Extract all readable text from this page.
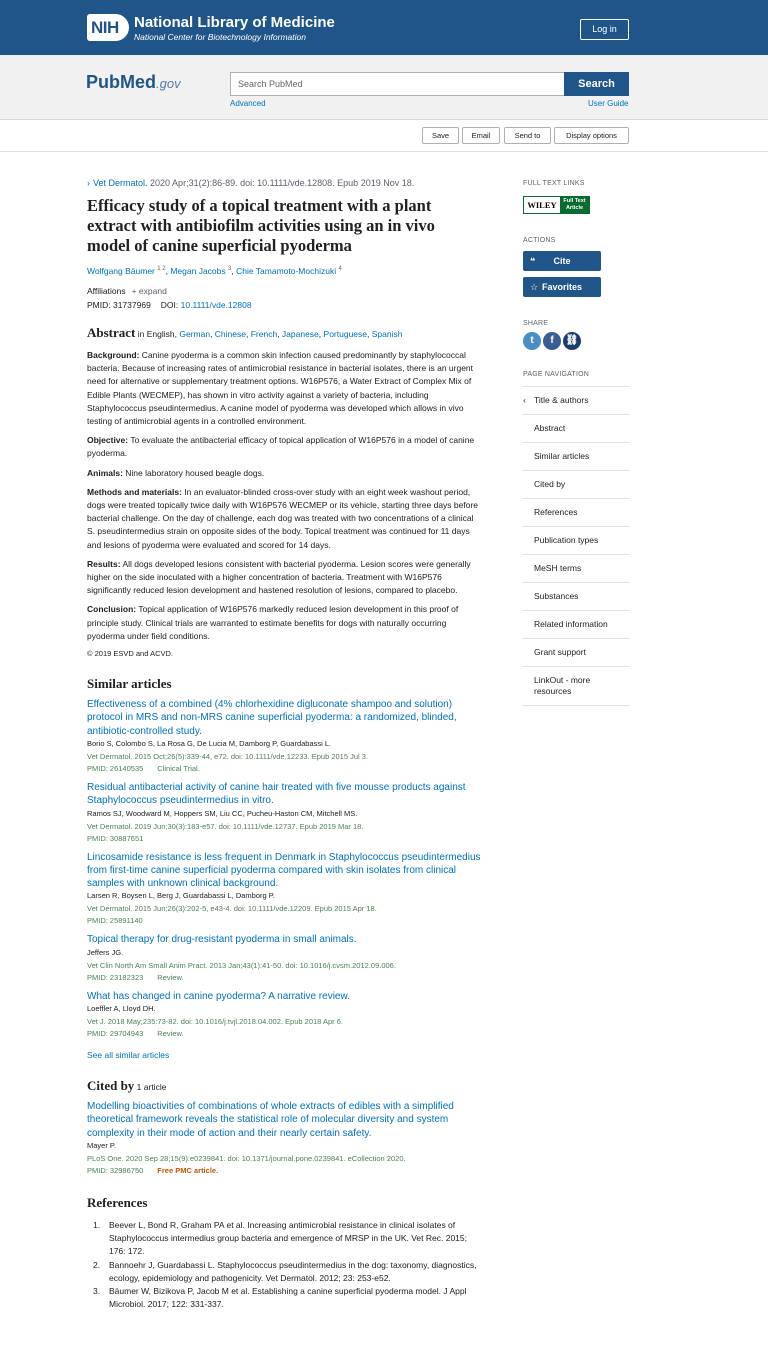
NIH	National Library of Medicine
National Center for Biotechnology Information
Log in
PubMed.gov	Search PubMed	Search
Advanced	User Guide
Save	Email	Send to	Display options
› Vet Dermatol. 2020 Apr;31(2):86-89. doi: 10.1111/vde.12808. Epub 2019 Nov 18.
Efficacy study of a topical treatment with a plant extract with antibiofilm activities using an in vivo model of canine superficial pyoderma
Wolfgang Bäumer $^{1 2}$, Megan Jacobs $^3$, Chie Tamamoto-Mochizuki $^4$
Affiliations + expand
PMID: 31737969 DOI: 10.1111/vde.12808
Abstract in English, German, Chinese, French, Japanese, Portuguese, Spanish

Background: Canine pyoderma is a common skin infection caused predominantly by staphylococcal bacteria. Because of increasing rates of antimicrobial resistance in bacterial isolates, there is an urgent need for alternative or supplementary treatment options. W16P576, a Water Extract of Complex Mix of Edible Plants (WECMEP), has shown in vitro activity against a variety of bacteria, including Staphylococcus pseudintermedius. A canine model of pyoderma was developed which allows in vivo testing of antimicrobial agents in a controlled environment.

Objective: To evaluate the antibacterial efficacy of topical application of W16P576 in a model of canine pyoderma.

Animals: Nine laboratory housed beagle dogs.

Methods and materials: In an evaluator-blinded cross-over study with an eight week washout period, dogs were treated topically twice daily with W16P576 WECMEP or its vehicle, starting three days before bacterial challenge. On the day of challenge, each dog was treated with two concentrations of a clinical S. pseudintermedius strain on opposite sides of the body. Topical treatment was continued for 11 days and lesions of pyoderma were evaluated and scored for 14 days.

Results: All dogs developed lesions consistent with bacterial pyoderma. Lesion scores were generally higher on the side inoculated with a higher concentration of bacteria. Treatment with W16P576 significantly reduced lesion development and hastened resolution of lesions, compared to placebo.

Conclusion: Topical application of W16P576 markedly reduced lesion development in this proof of principle study. Clinical trials are warranted to estimate benefits for dogs with naturally occurring pyoderma under field conditions.

© 2019 ESVD and ACVD.
Similar articles
Effectiveness of a combined (4% chlorhexidine digluconate shampoo and solution) protocol in MRS and non-MRS canine superficial pyoderma: a randomized, blinded, antibiotic-controlled study.
Borio S, Colombo S, La Rosa G, De Lucia M, Damborg P, Guardabassi L.
Vet Dermatol. 2015 Oct;26(5):339-44, e72. doi: 10.1111/vde.12233. Epub 2015 Jul 3.
PMID: 26140535 Clinical Trial.
Residual antibacterial activity of canine hair treated with five mousse products against Staphylococcus pseudintermedius in vitro.
Ramos SJ, Woodward M, Hoppers SM, Liu CC, Pucheu-Haston CM, Mitchell MS.
Vet Dermatol. 2019 Jun;30(3):183-e57. doi: 10.1111/vde.12737. Epub 2019 Mar 18.
PMID: 30887651
Lincosamide resistance is less frequent in Denmark in Staphylococcus pseudintermedius from first-time canine superficial pyoderma compared with skin isolates from clinical samples with unknown clinical background.
Larsen R, Boysen L, Berg J, Guardabassi L, Damborg P.
Vet Dermatol. 2015 Jun;26(3):202-5, e43-4. doi: 10.1111/vde.12209. Epub 2015 Apr 18.
PMID: 25891140
Topical therapy for drug-resistant pyoderma in small animals.
Jeffers JG.
Vet Clin North Am Small Anim Pract. 2013 Jan;43(1):41-50. doi: 10.1016/j.cvsm.2012.09.006.
PMID: 23182323 Review.
What has changed in canine pyoderma? A narrative review.
Loeffler A, Lloyd DH.
Vet J. 2018 May;235:73-82. doi: 10.1016/j.tvjl.2018.04.002. Epub 2018 Apr 6.
PMID: 29704943 Review.
See all similar articles
Cited by 1 article
Modelling bioactivities of combinations of whole extracts of edibles with a simplified theoretical framework reveals the statistical role of molecular diversity and system complexity in their mode of action and their nearly certain safety.
Mayer P.
PLoS One. 2020 Sep 28;15(9):e0239841. doi: 10.1371/journal.pone.0239841. eCollection 2020.
PMID: 32986750 Free PMC article.
References
1. Beever L, Bond R, Graham PA et al. Increasing antimicrobial resistance in clinical isolates of Staphylococcus intermedius group bacteria and emergence of MRSP in the UK. Vet Rec. 2015; 176: 172.
2. Bannoehr J, Guardabassi L. Staphylococcus pseudintermedius in the dog: taxonomy, diagnostics, ecology, epidemiology and pathogenicity. Vet Dermatol. 2012; 23: 253-e52.
3. Bäumer W, Bizikova P, Jacob M et al. Establishing a canine superficial pyoderma model. J Appl Microbiol. 2017; 122: 331-337.
FULL TEXT LINKS
WILEY	Full Text Article
ACTIONS
❝	Cite
☆ Favorites
SHARE
t	f	⛓
PAGE NAVIGATION
‹ Title & authors
Abstract
Similar articles
Cited by
References
Publication types
MeSH terms
Substances
Related information
Grant support
LinkOut - more resources
